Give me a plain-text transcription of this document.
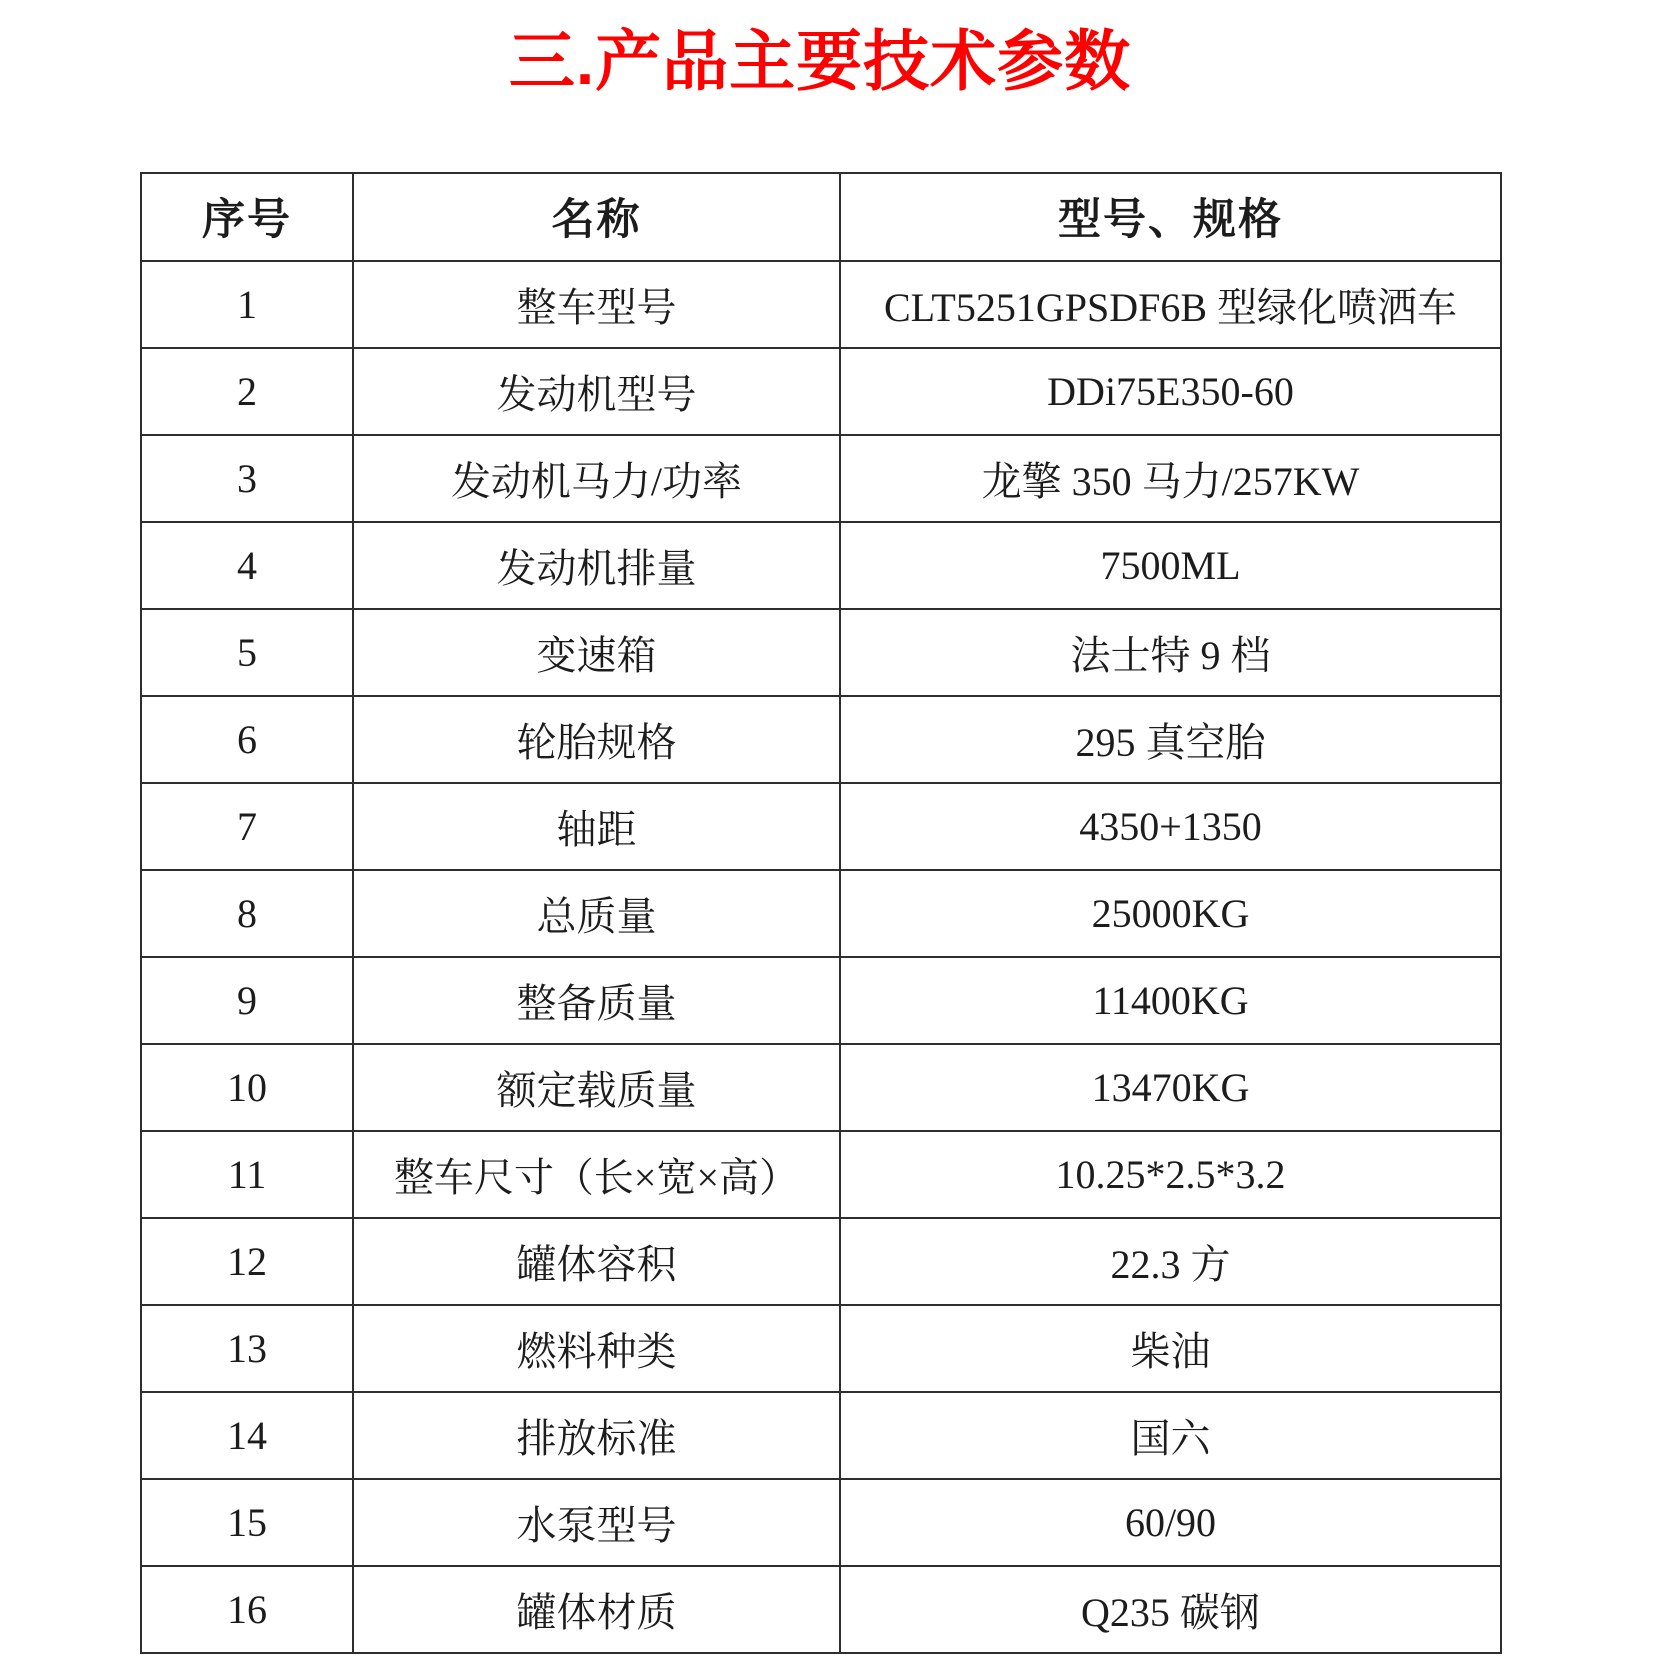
三.产品主要技术参数
序号	名称	型号、规格
1	整车型号	CLT5251GPSDF6B 型绿化喷洒车
2	发动机型号	DDi75E350-60
3	发动机马力/功率	龙擎 350 马力/257KW
4	发动机排量	7500ML
5	变速箱	法士特 9 档
6	轮胎规格	295 真空胎
7	轴距	4350+1350
8	总质量	25000KG
9	整备质量	11400KG
10	额定载质量	13470KG
11	整车尺寸（长×宽×高）	10.25*2.5*3.2
12	罐体容积	22.3 方
13	燃料种类	柴油
14	排放标准	国六
15	水泵型号	60/90
16	罐体材质	Q235 碳钢
